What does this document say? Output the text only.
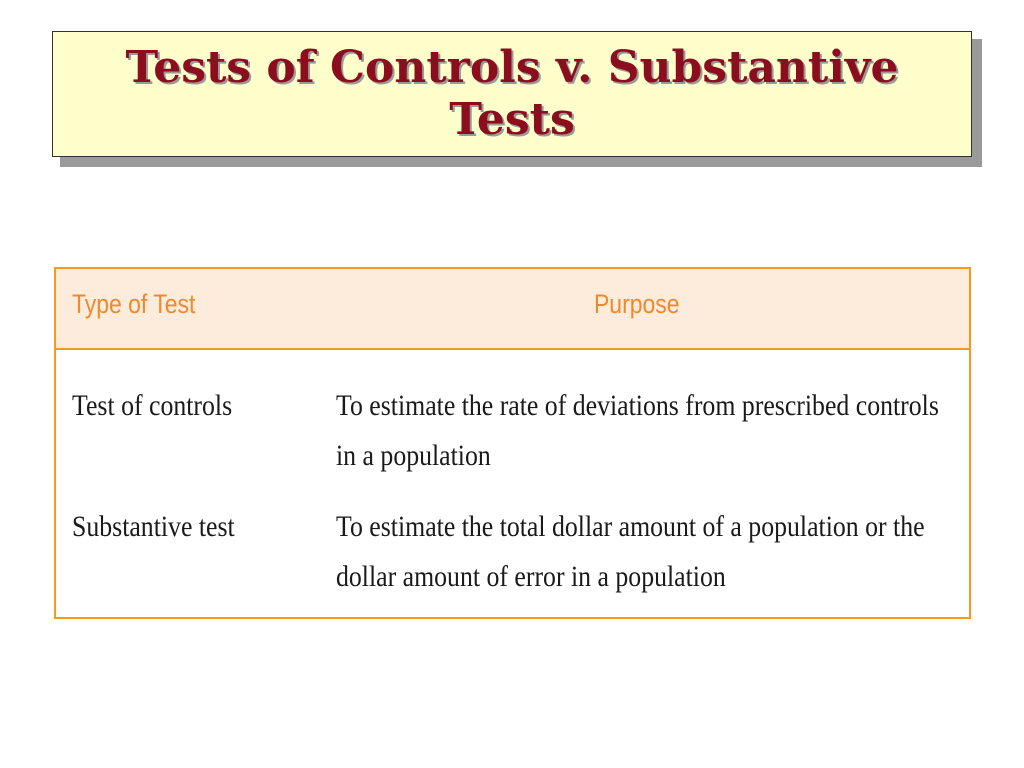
Tests of Controls v. Substantive Tests
Type of Test	Purpose
Test of controls	To estimate the rate of deviations from prescribed controls in a population
Substantive test	To estimate the total dollar amount of a population or the dollar amount of error in a population
